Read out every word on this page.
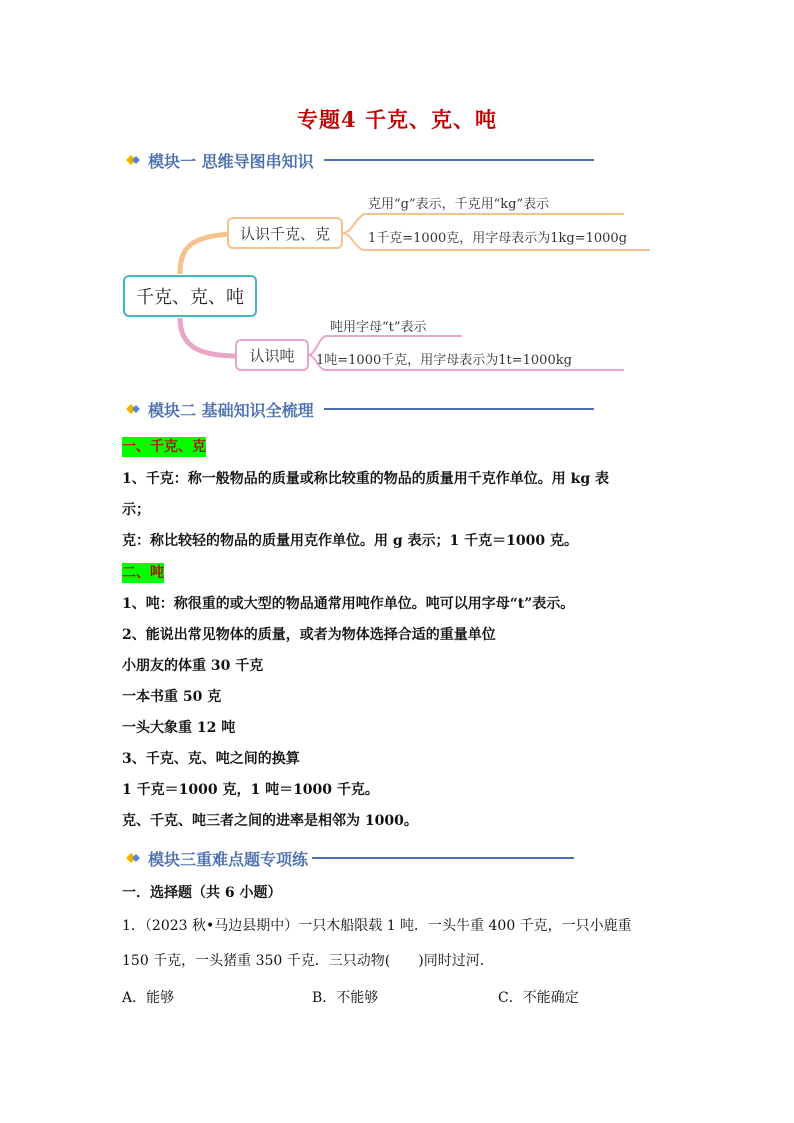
专题4 千克、克、吨
模块一 思维导图串知识
千克、克、吨
认识千克、克
克用“g”表示，千克用“kg”表示
1千克=1000克，用字母表示为1kg=1000g
认识吨
吨用字母“t”表示
1吨=1000千克，用字母表示为1t=1000kg
模块二 基础知识全梳理
一、千克、克
1、千克：称一般物品的质量或称比较重的物品的质量用千克作单位。用 kg 表
示；
克：称比较轻的物品的质量用克作单位。用 g 表示；1 千克＝1000 克。
二、吨
1、吨：称很重的或大型的物品通常用吨作单位。吨可以用字母“t”表示。
2、能说出常见物体的质量，或者为物体选择合适的重量单位
小朋友的体重 30 千克
一本书重 50 克
一头大象重 12 吨
3、千克、克、吨之间的换算
1 千克＝1000 克，1 吨＝1000 千克。
克、千克、吨三者之间的进率是相邻为 1000。
模块三重难点题专项练
一．选择题（共 6 小题）
1．（2023 秋•马边县期中）一只木船限载 1 吨．一头牛重 400 千克，一只小鹿重
150 千克，一头猪重 350 千克．三只动物(　　)同时过河．
A．能够	B．不能够	C．不能确定
